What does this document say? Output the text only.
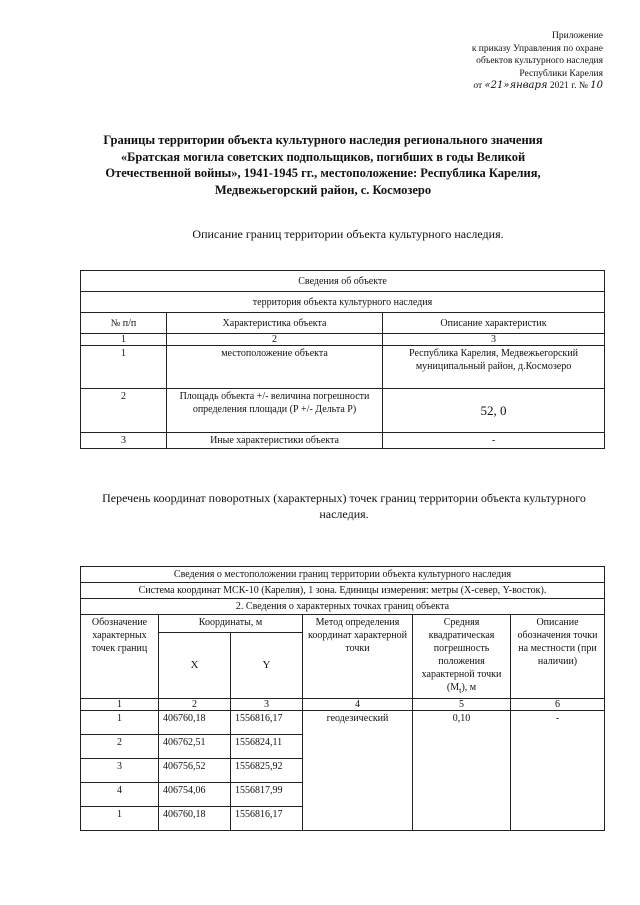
Приложение
к приказу Управления по охране
объектов культурного наследия
Республики Карелия
от «21»января 2021 г. № 10
Границы территории объекта культурного наследия регионального значения «Братская могила советских подпольщиков, погибших в годы Великой Отечественной войны», 1941-1945 гг., местоположение: Республика Карелия, Медвежьегорский район, с. Космозеро
Описание границ территории объекта культурного наследия.
Сведения об объекте		
территория объекта культурного наследия		
№ п/п	Характеристика объекта	Описание характеристик
1	2	3
1	местоположение объекта	Республика Карелия, Медвежьегорский муниципальный район, д.Космозеро
2	Площадь объекта +/- величина погрешности определения площади (Р +/- Дельта Р)	52, 0
3	Иные характеристики объекта	-
Перечень координат поворотных (характерных) точек границ территории объекта культурного наследия.
Сведения о местоположении границ территории объекта культурного наследия					
Система координат МСК-10 (Карелия), 1 зона. Единицы измерения: метры (X-север, Y-восток).					
2. Сведения о характерных точках границ объекта					
Обозначение характерных точек границ	Координаты, м		Метод определения координат характерной точки	Средняя квадратическая погрешность положения характерной точки $(M_t)$, м	Описание обозначения точки на местности (при наличии)
	X	Y			
1	2	3	4	5	6
1	406760,18	1556816,17	геодезический	0,10	-
2	406762,51	1556824,11			
3	406756,52	1556825,92			
4	406754,06	1556817,99			
1	406760,18	1556816,17			
